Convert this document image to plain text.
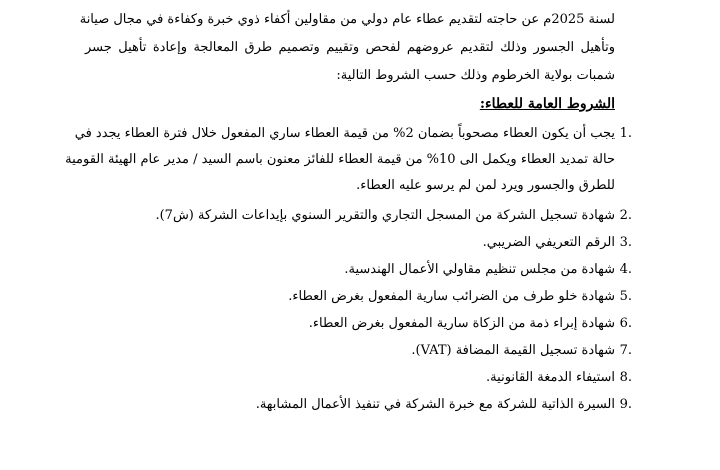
لسنة 2025م عن حاجته لتقديم عطاء عام دولي من مقاولين أكفاء ذوي خبرة وكفاءة في مجال صيانة
وتأهيل الجسور وذلك لتقديم عروضهم لفحص وتقييم وتصميم طرق المعالجة وإعادة تأهيل جسر
شمبات بولاية الخرطوم وذلك حسب الشروط التالية:
الشروط العامة للعطاء:
1.
يجب أن يكون العطاء مصحوباً بضمان 2% من قيمة العطاء ساري المفعول خلال فترة العطاء يجدد في
حالة تمديد العطاء ويكمل الى 10% من قيمة العطاء للفائز معنون باسم السيد / مدير عام الهيئة القومية
للطرق والجسور ويرد لمن لم يرسو عليه العطاء.
2.
شهادة تسجيل الشركة من المسجل التجاري والتقرير السنوي بإيداعات الشركة (ش7).
3.
الرقم التعريفي الضريبي.
4.
شهادة من مجلس تنظيم مقاولي الأعمال الهندسية.
5.
شهادة خلو طرف من الضرائب سارية المفعول بغرض العطاء.
6.
شهادة إبراء ذمة من الزكاة سارية المفعول بغرض العطاء.
7.
شهادة تسجيل القيمة المضافة (VAT).
8.
استيفاء الدمغة القانونية.
9.
السيرة الذاتية للشركة مع خبرة الشركة في تنفيذ الأعمال المشابهة.
